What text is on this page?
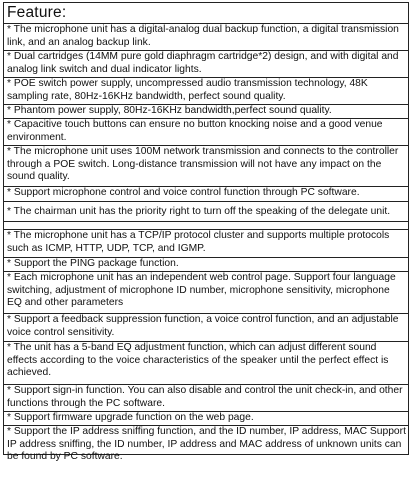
Feature:
* The microphone unit has a digital-analog dual backup function, a digital transmission link, and an analog backup link.
* Dual cartridges (14MM pure gold diaphragm cartridge*2) design, and with digital and analog link switch and dual indicator lights.
* POE switch power supply, uncompressed audio transmission technology, 48K sampling rate, 80Hz-16KHz bandwidth, perfect sound quality.
* Phantom power supply, 80Hz-16KHz bandwidth,perfect sound quality.
* Capacitive touch buttons can ensure no button knocking noise and a good venue environment.
* The microphone unit uses 100M network transmission and connects to the controller through a POE switch. Long-distance transmission will not have any impact on the sound quality.
* Support microphone control and voice control function through PC software.
* The chairman unit has the priority right to turn off the speaking of the delegate unit.
* The microphone unit has a TCP/IP protocol cluster and supports multiple protocols such as ICMP, HTTP, UDP, TCP, and IGMP.
* Support the PING package function.
* Each microphone unit has an independent web control page. Support four language switching, adjustment of microphone ID number, microphone sensitivity, microphone EQ and other parameters
* Support a feedback suppression function, a voice control function, and an adjustable voice control sensitivity.
* The unit has a 5-band EQ adjustment function, which can adjust different sound effects according to the voice characteristics of the speaker until the perfect effect is achieved.
* Support sign-in function. You can also disable and control the unit check-in, and other functions through the PC software.
* Support firmware upgrade function on the web page.
* Support the IP address sniffing function, and the ID number, IP address, MAC Support IP address sniffing, the ID number, IP address and MAC address of unknown units can be found by PC software.
